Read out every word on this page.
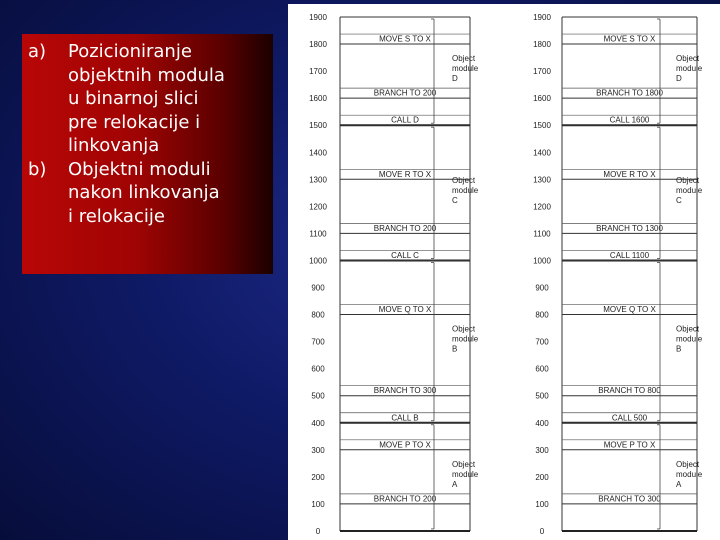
a)	Pozicioniranje
objektnih modula
u binarnoj slici
pre relokacije i
linkovanja
b)	Objektni moduli
nakon linkovanja
i relokacije
1900
1800
1700
1600
1500
1400
1300
1200
1100
1000
900
800
700
600
500
400
300
200
100
0
MOVE S TO X
BRANCH TO 200
CALL D
MOVE R TO X
BRANCH TO 200
CALL C
MOVE Q TO X
BRANCH TO 300
CALL B
MOVE P TO X
BRANCH TO 200
Object module D
Object module C
Object module B
Object module A
1900
1800
1700
1600
1500
1400
1300
1200
1100
1000
900
800
700
600
500
400
300
200
100
0
MOVE S TO X
BRANCH TO 1800
CALL 1600
MOVE R TO X
BRANCH TO 1300
CALL 1100
MOVE Q TO X
BRANCH TO 800
CALL 500
MOVE P TO X
BRANCH TO 300
Object module D
Object module C
Object module B
Object module A
